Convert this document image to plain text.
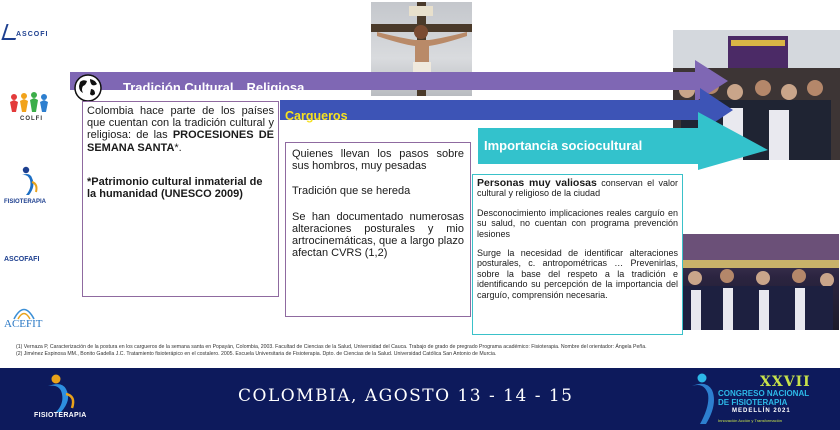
ASCOFI
COLFI
FISIOTERAPIA
ASCOFAFI
ACEFIT
Tradición Cultural…Religiosa
Cargueros
Importancia sociocultural
Colombia hace parte de los países que cuentan con la tradición cultural y religiosa: de las PROCESIONES DE SEMANA SANTA*.
*Patrimonio cultural inmaterial de la humanidad (UNESCO 2009)
Quienes llevan los pasos sobre sus hombros, muy pesadas
Tradición que se hereda
Se han documentado numerosas alteraciones posturales y mio artrocinemáticas, que a largo plazo afectan CVRS (1,2)
Personas muy valiosas conservan el valor cultural y religioso de la ciudad
Desconocimiento implicaciones reales carguío en su salud, no cuentan con programa prevención lesiones
Surge la necesidad de identificar alteraciones posturales, c. antropométricas … Prevenirlas, sobre la base del respeto a la tradición e identificando su percepción de la importancia del carguío, comprensión necesaria.
(1) Vernaza P, Caracterización de la postura en los cargueros de la semana santa en Popayán, Colombia, 2003. Facultad de Ciencias de la Salud, Universidad del Cauca. Trabajo de grado de pregrado Programa académico: Fisioterapia. Nombre del orientador: Ángela Peña.
(2) Jiménez Espinosa MM., Bonito Gadella J.C. Tratamiento fisioterápico en el costalero. 2005. Escuela Universitaria de Fisioterapia. Dpto. de Ciencias de la Salud. Universidad Católica San Antonio de Murcia.
FISIOTERAPIA
COLOMBIA, AGOSTO 13 - 14 - 15
XXVII
CONGRESO NACIONAL
DE FISIOTERAPIA
MEDELLÍN 2021
Innovación Acción y Transformación
